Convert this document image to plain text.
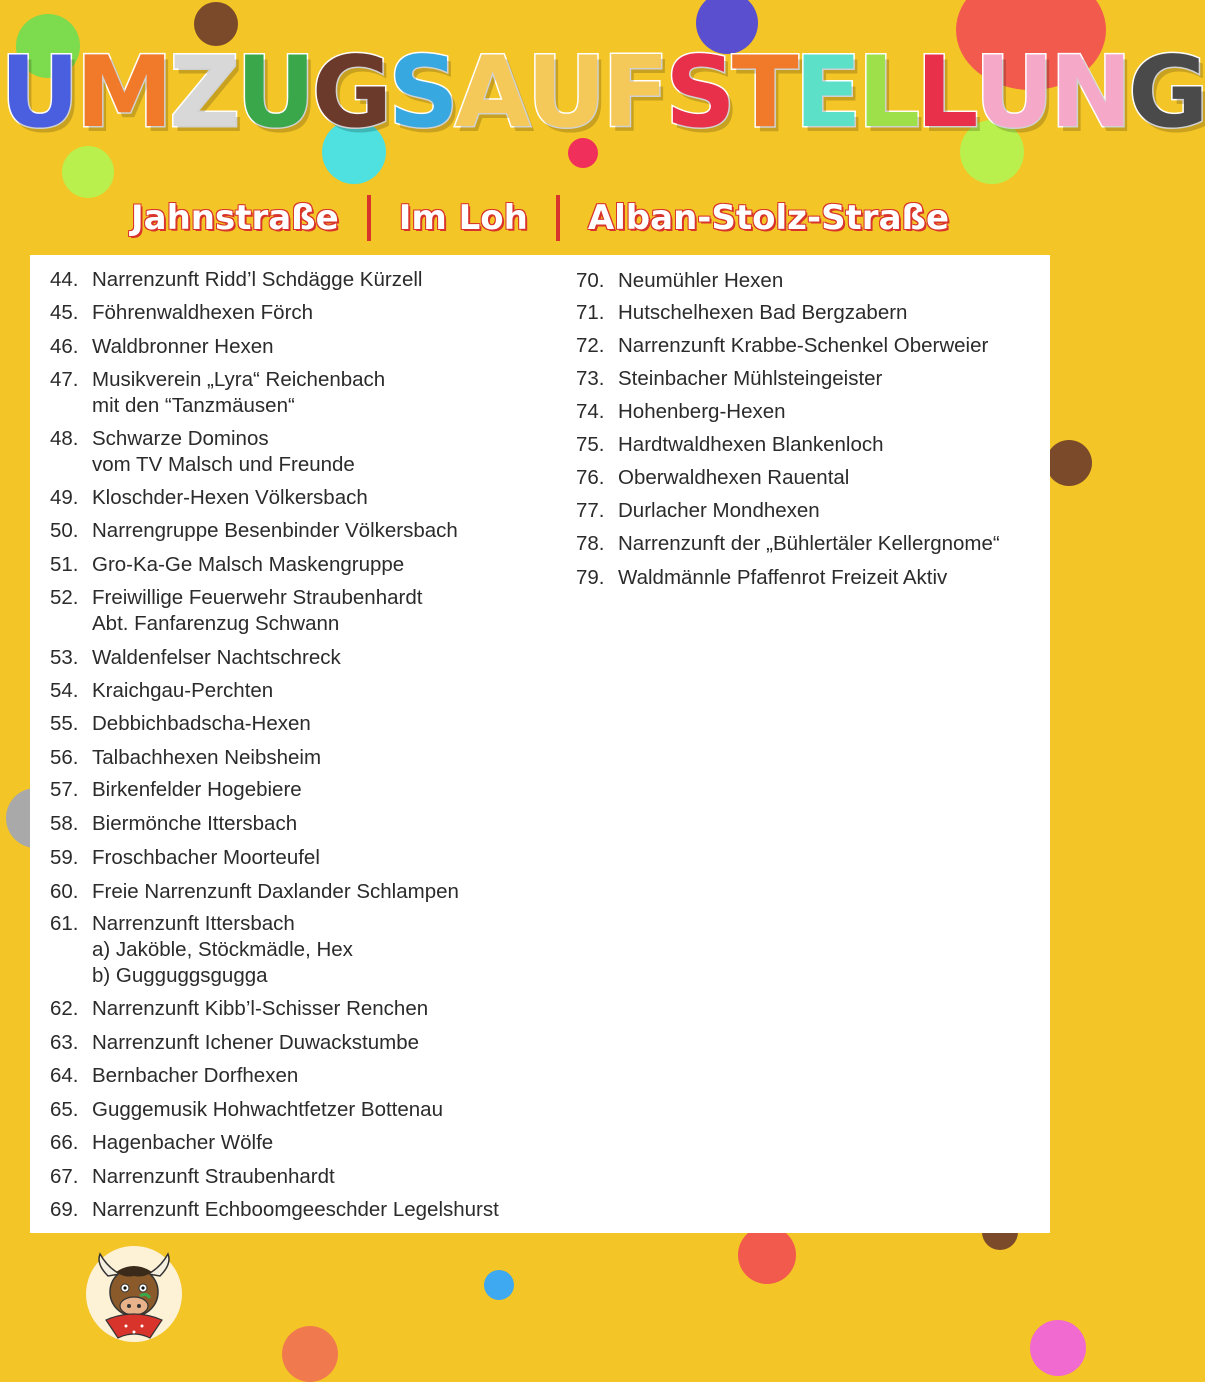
UMZUGSAUFSTELLUNG
Jahnstraße Im Loh Alban-Stolz-Straße
44. Narrenzunft Ridd’l Schdägge Kürzell
45. Föhrenwaldhexen Förch
46. Waldbronner Hexen
47. Musikverein „Lyra“ Reichenbach
mit den “Tanzmäusen“
48. Schwarze Dominos
vom TV Malsch und Freunde
49. Kloschder-Hexen Völkersbach
50. Narrengruppe Besenbinder Völkersbach
51. Gro-Ka-Ge Malsch Maskengruppe
52. Freiwillige Feuerwehr Straubenhardt
Abt. Fanfarenzug Schwann
53. Waldenfelser Nachtschreck
54. Kraichgau-Perchten
55. Debbichbadscha-Hexen
56. Talbachhexen Neibsheim
57. Birkenfelder Hogebiere
58. Biermönche Ittersbach
59. Froschbacher Moorteufel
60. Freie Narrenzunft Daxlander Schlampen
61. Narrenzunft Ittersbach
a) Jaköble, Stöckmädle, Hex
b) Gugguggsgugga
62. Narrenzunft Kibb’l-Schisser Renchen
63. Narrenzunft Ichener Duwackstumbe
64. Bernbacher Dorfhexen
65. Guggemusik Hohwachtfetzer Bottenau
66. Hagenbacher Wölfe
67. Narrenzunft Straubenhardt
69. Narrenzunft Echboomgeeschder Legelshurst
70. Neumühler Hexen
71. Hutschelhexen Bad Bergzabern
72. Narrenzunft Krabbe-Schenkel Oberweier
73. Steinbacher Mühlsteingeister
74. Hohenberg-Hexen
75. Hardtwaldhexen Blankenloch
76. Oberwaldhexen Rauental
77. Durlacher Mondhexen
78. Narrenzunft der „Bühlertäler Kellergnome“
79. Waldmännle Pfaffenrot Freizeit Aktiv
